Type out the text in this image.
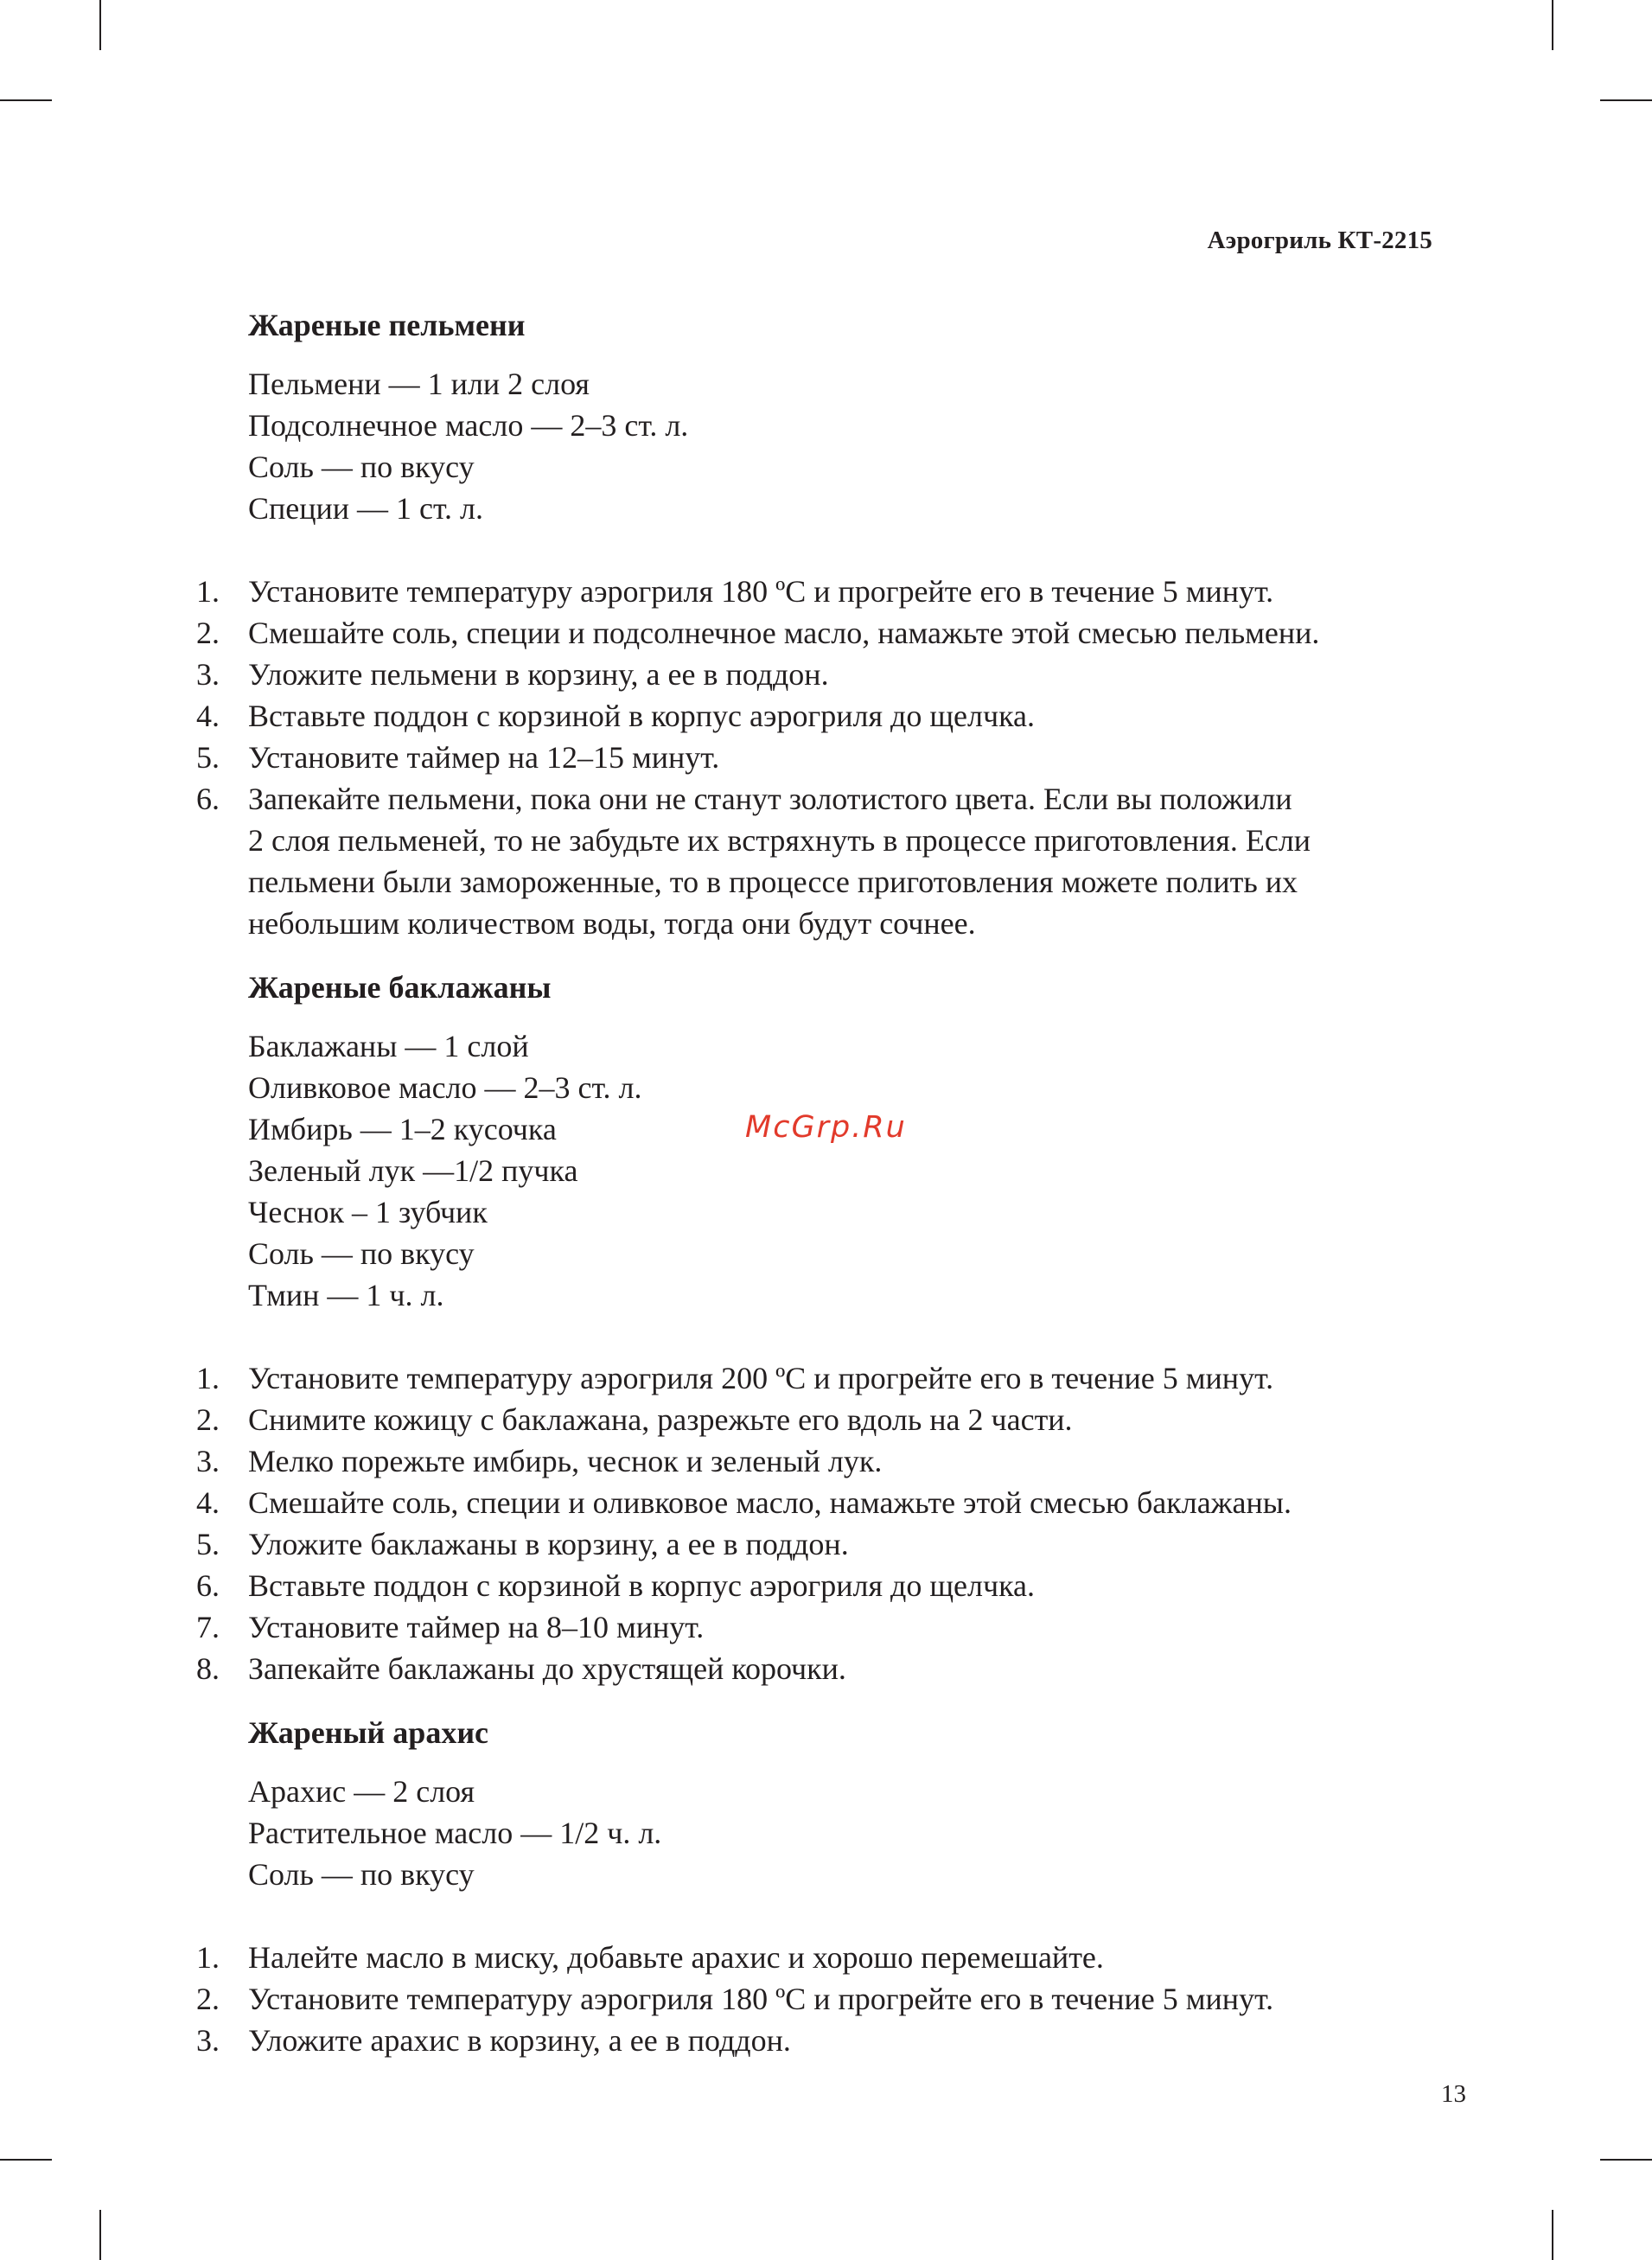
Аэрогриль КТ-2215
Жареные пельмени
Пельмени — 1 или 2 слоя
Подсолнечное масло — 2–3 ст. л.
Соль — по вкусу
Специи — 1 ст. л.
1. Установите температуру аэрогриля 180 ºС и прогрейте его в течение 5 минут.
2. Смешайте соль, специи и подсолнечное масло, намажьте этой смесью пельмени.
3. Уложите пельмени в корзину, а ее в поддон.
4. Вставьте поддон с корзиной в корпус аэрогриля до щелчка.
5. Установите таймер на 12–15 минут.
6. Запекайте пельмени, пока они не станут золотистого цвета. Если вы положили
2 слоя пельменей, то не забудьте их встряхнуть в процессе приготовления. Если
пельмени были замороженные, то в процессе приготовления можете полить их
небольшим количеством воды, тогда они будут сочнее.
Жареные баклажаны
Баклажаны — 1 слой
Оливковое масло — 2–3 ст. л.
Имбирь — 1–2 кусочка
Зеленый лук —1/2 пучка
Чеснок – 1 зубчик
Соль — по вкусу
Тмин — 1 ч. л.
1. Установите температуру аэрогриля 200 ºС и прогрейте его в течение 5 минут.
2. Снимите кожицу с баклажана, разрежьте его вдоль на 2 части.
3. Мелко порежьте имбирь, чеснок и зеленый лук.
4. Смешайте соль, специи и оливковое масло, намажьте этой смесью баклажаны.
5. Уложите баклажаны в корзину, а ее в поддон.
6. Вставьте поддон с корзиной в корпус аэрогриля до щелчка.
7. Установите таймер на 8–10 минут.
8. Запекайте баклажаны до хрустящей корочки.
Жареный арахис
Арахис — 2 слоя
Растительное масло — 1/2 ч. л.
Соль — по вкусу
1. Налейте масло в миску, добавьте арахис и хорошо перемешайте.
2. Установите температуру аэрогриля 180 ºС и прогрейте его в течение 5 минут.
3. Уложите арахис в корзину, а ее в поддон.
McGrp.Ru
13
